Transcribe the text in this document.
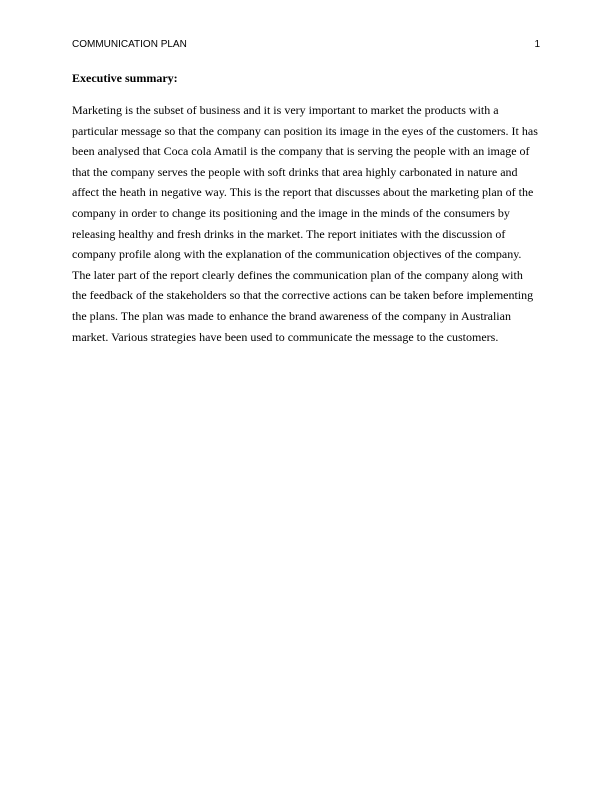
COMMUNICATION PLAN	1
Executive summary:

Marketing is the subset of business and it is very important to market the products with a particular message so that the company can position its image in the eyes of the customers. It has been analysed that Coca cola Amatil is the company that is serving the people with an image of that the company serves the people with soft drinks that area highly carbonated in nature and affect the heath in negative way. This is the report that discusses about the marketing plan of the company in order to change its positioning and the image in the minds of the consumers by releasing healthy and fresh drinks in the market. The report initiates with the discussion of company profile along with the explanation of the communication objectives of the company. The later part of the report clearly defines the communication plan of the company along with the feedback of the stakeholders so that the corrective actions can be taken before implementing the plans. The plan was made to enhance the brand awareness of the company in Australian market. Various strategies have been used to communicate the message to the customers.
